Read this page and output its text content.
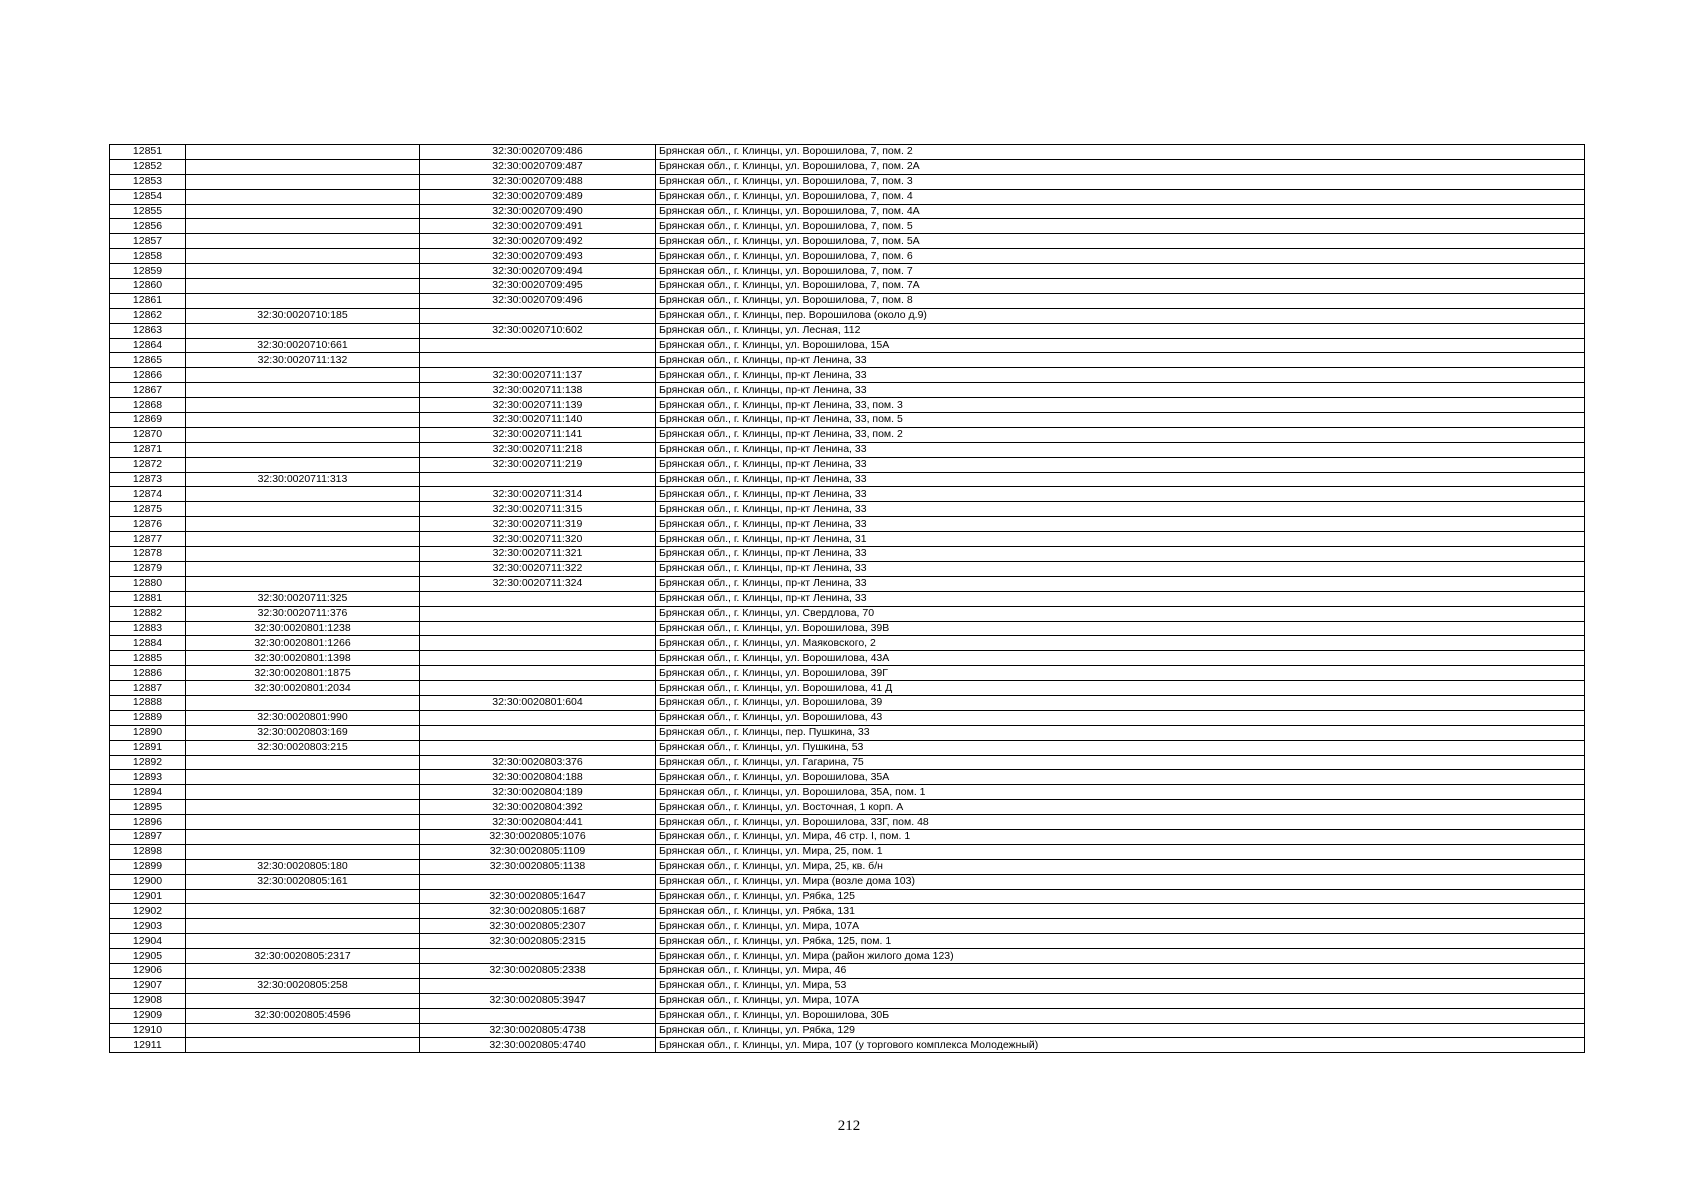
12851		32:30:0020709:486	Брянская обл., г. Клинцы, ул. Ворошилова, 7, пом. 2
12852		32:30:0020709:487	Брянская обл., г. Клинцы, ул. Ворошилова, 7, пом. 2А
12853		32:30:0020709:488	Брянская обл., г. Клинцы, ул. Ворошилова, 7, пом. 3
12854		32:30:0020709:489	Брянская обл., г. Клинцы, ул. Ворошилова, 7, пом. 4
12855		32:30:0020709:490	Брянская обл., г. Клинцы, ул. Ворошилова, 7, пом. 4А
12856		32:30:0020709:491	Брянская обл., г. Клинцы, ул. Ворошилова, 7, пом. 5
12857		32:30:0020709:492	Брянская обл., г. Клинцы, ул. Ворошилова, 7, пом. 5А
12858		32:30:0020709:493	Брянская обл., г. Клинцы, ул. Ворошилова, 7, пом. 6
12859		32:30:0020709:494	Брянская обл., г. Клинцы, ул. Ворошилова, 7, пом. 7
12860		32:30:0020709:495	Брянская обл., г. Клинцы, ул. Ворошилова, 7, пом. 7А
12861		32:30:0020709:496	Брянская обл., г. Клинцы, ул. Ворошилова, 7, пом. 8
12862	32:30:0020710:185		Брянская обл., г. Клинцы, пер. Ворошилова (около д.9)
12863		32:30:0020710:602	Брянская обл., г. Клинцы, ул. Лесная, 112
12864	32:30:0020710:661		Брянская обл., г. Клинцы, ул. Ворошилова, 15А
12865	32:30:0020711:132		Брянская обл., г. Клинцы, пр-кт Ленина, 33
12866		32:30:0020711:137	Брянская обл., г. Клинцы, пр-кт Ленина, 33
12867		32:30:0020711:138	Брянская обл., г. Клинцы, пр-кт Ленина, 33
12868		32:30:0020711:139	Брянская обл., г. Клинцы, пр-кт Ленина, 33, пом. 3
12869		32:30:0020711:140	Брянская обл., г. Клинцы, пр-кт Ленина, 33, пом. 5
12870		32:30:0020711:141	Брянская обл., г. Клинцы, пр-кт Ленина, 33, пом. 2
12871		32:30:0020711:218	Брянская обл., г. Клинцы, пр-кт Ленина, 33
12872		32:30:0020711:219	Брянская обл., г. Клинцы, пр-кт Ленина, 33
12873	32:30:0020711:313		Брянская обл., г. Клинцы, пр-кт Ленина, 33
12874		32:30:0020711:314	Брянская обл., г. Клинцы, пр-кт Ленина, 33
12875		32:30:0020711:315	Брянская обл., г. Клинцы, пр-кт Ленина, 33
12876		32:30:0020711:319	Брянская обл., г. Клинцы, пр-кт Ленина, 33
12877		32:30:0020711:320	Брянская обл., г. Клинцы, пр-кт Ленина, 31
12878		32:30:0020711:321	Брянская обл., г. Клинцы, пр-кт Ленина, 33
12879		32:30:0020711:322	Брянская обл., г. Клинцы, пр-кт Ленина, 33
12880		32:30:0020711:324	Брянская обл., г. Клинцы, пр-кт Ленина, 33
12881	32:30:0020711:325		Брянская обл., г. Клинцы, пр-кт Ленина, 33
12882	32:30:0020711:376		Брянская обл., г. Клинцы, ул. Свердлова, 70
12883	32:30:0020801:1238		Брянская обл., г. Клинцы, ул. Ворошилова, 39В
12884	32:30:0020801:1266		Брянская обл., г. Клинцы, ул. Маяковского, 2
12885	32:30:0020801:1398		Брянская обл., г. Клинцы, ул. Ворошилова, 43А
12886	32:30:0020801:1875		Брянская обл., г. Клинцы, ул. Ворошилова, 39Г
12887	32:30:0020801:2034		Брянская обл., г. Клинцы, ул. Ворошилова, 41 Д
12888		32:30:0020801:604	Брянская обл., г. Клинцы, ул. Ворошилова, 39
12889	32:30:0020801:990		Брянская обл., г. Клинцы, ул. Ворошилова, 43
12890	32:30:0020803:169		Брянская обл., г. Клинцы, пер. Пушкина, 33
12891	32:30:0020803:215		Брянская обл., г. Клинцы, ул. Пушкина, 53
12892		32:30:0020803:376	Брянская обл., г. Клинцы, ул. Гагарина, 75
12893		32:30:0020804:188	Брянская обл., г. Клинцы, ул. Ворошилова, 35А
12894		32:30:0020804:189	Брянская обл., г. Клинцы, ул. Ворошилова, 35А, пом. 1
12895		32:30:0020804:392	Брянская обл., г. Клинцы, ул. Восточная, 1 корп. А
12896		32:30:0020804:441	Брянская обл., г. Клинцы, ул. Ворошилова, 33Г, пом. 48
12897		32:30:0020805:1076	Брянская обл., г. Клинцы, ул. Мира, 46 стр. I, пом. 1
12898		32:30:0020805:1109	Брянская обл., г. Клинцы, ул. Мира, 25, пом. 1
12899	32:30:0020805:180	32:30:0020805:1138	Брянская обл., г. Клинцы, ул. Мира, 25, кв. б/н
12900	32:30:0020805:161		Брянская обл., г. Клинцы, ул. Мира (возле дома 103)
12901		32:30:0020805:1647	Брянская обл., г. Клинцы, ул. Рябка, 125
12902		32:30:0020805:1687	Брянская обл., г. Клинцы, ул. Рябка, 131
12903		32:30:0020805:2307	Брянская обл., г. Клинцы, ул. Мира, 107А
12904		32:30:0020805:2315	Брянская обл., г. Клинцы, ул. Рябка, 125, пом. 1
12905	32:30:0020805:2317		Брянская обл., г. Клинцы, ул. Мира (район жилого дома 123)
12906		32:30:0020805:2338	Брянская обл., г. Клинцы, ул. Мира, 46
12907	32:30:0020805:258		Брянская обл., г. Клинцы, ул. Мира, 53
12908		32:30:0020805:3947	Брянская обл., г. Клинцы, ул. Мира, 107А
12909	32:30:0020805:4596		Брянская обл., г. Клинцы, ул. Ворошилова, 30Б
12910		32:30:0020805:4738	Брянская обл., г. Клинцы, ул. Рябка, 129
12911		32:30:0020805:4740	Брянская обл., г. Клинцы, ул. Мира, 107 (у торгового комплекса Молодежный)
212
